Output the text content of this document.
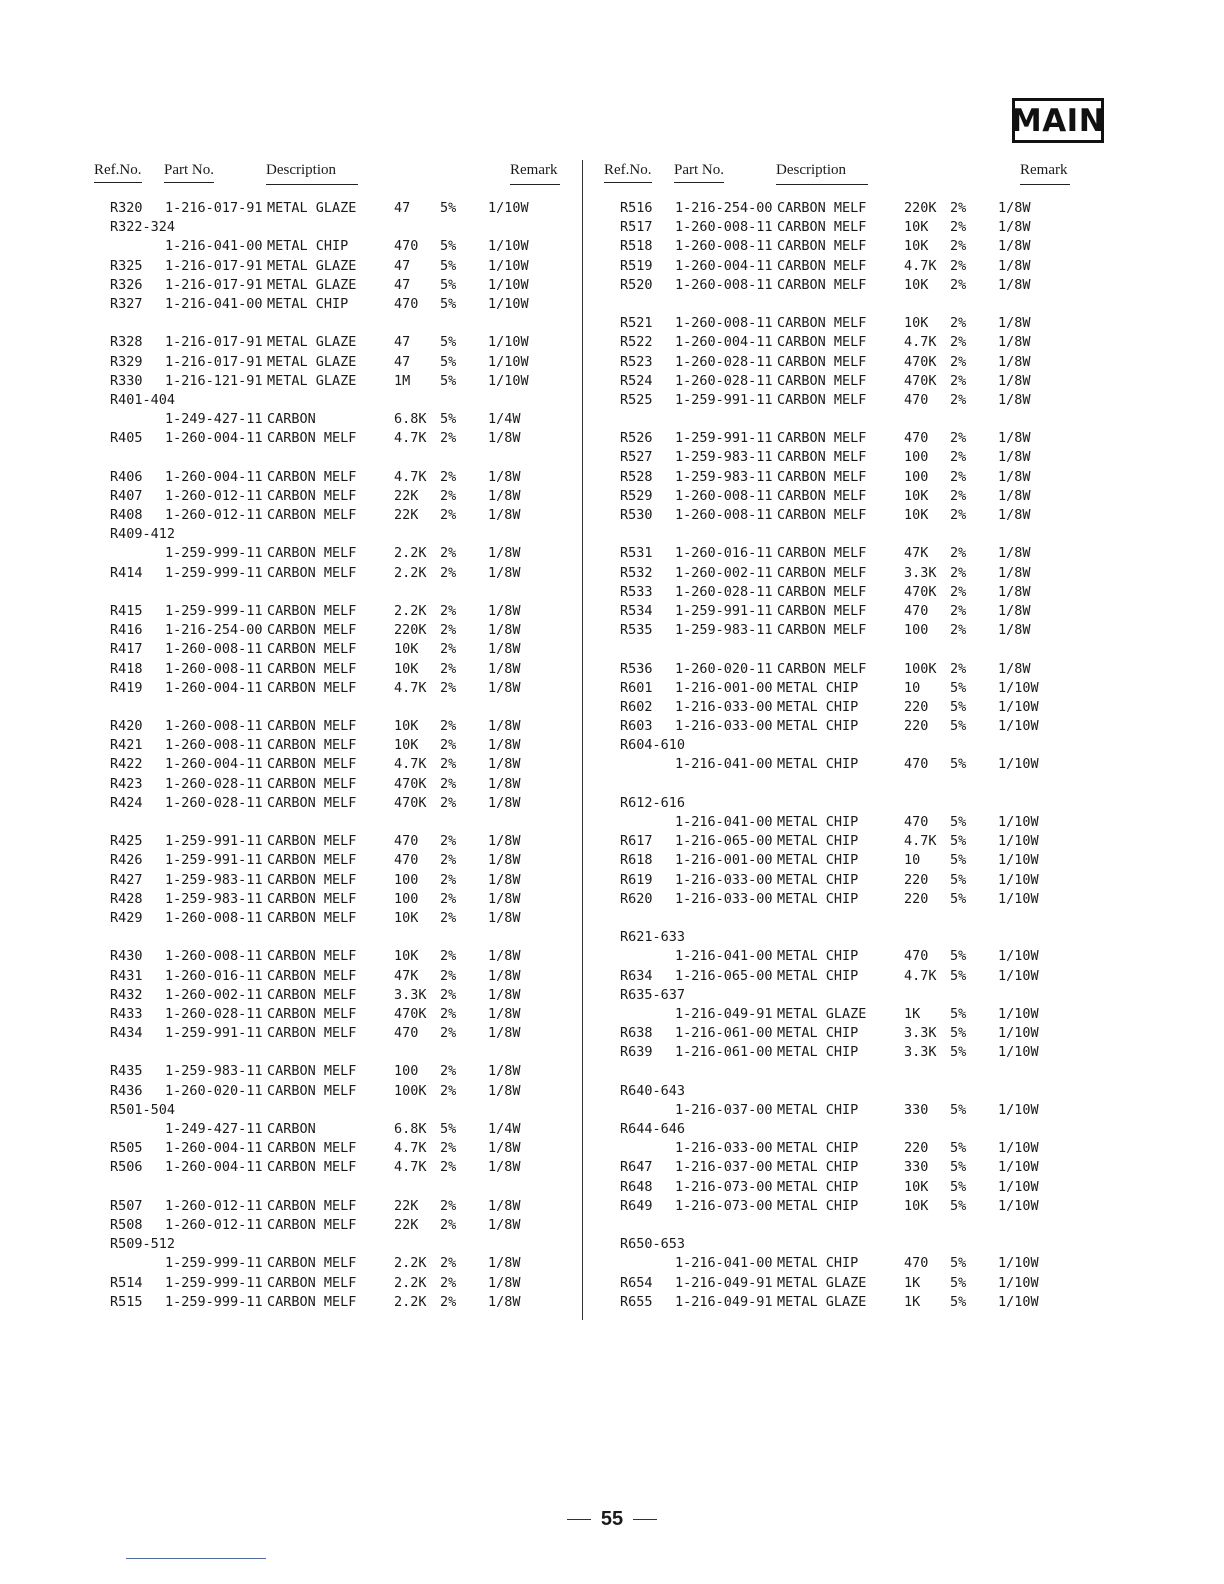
MAIN
Ref.No. Part No.	Description	Remark
R320 1-216-017-91 METAL GLAZE	47 5% 1/10W
R322-324
1-216-041-00 METAL CHIP	470 5% 1/10W
R325 1-216-017-91 METAL GLAZE	47 5% 1/10W
R326 1-216-017-91 METAL GLAZE	47 5% 1/10W
R327 1-216-041-00 METAL CHIP	470 5% 1/10W
R328 1-216-017-91 METAL GLAZE	47 5% 1/10W
R329 1-216-017-91 METAL GLAZE	47 5% 1/10W
R330 1-216-121-91 METAL GLAZE	1M 5% 1/10W
R401-404
1-249-427-11 CARBON	6.8K 5% 1/4W
R405 1-260-004-11 CARBON MELF	4.7K 2% 1/8W
R406 1-260-004-11 CARBON MELF	4.7K 2% 1/8W
R407 1-260-012-11 CARBON MELF	22K 2% 1/8W
R408 1-260-012-11 CARBON MELF	22K 2% 1/8W
R409-412
1-259-999-11 CARBON MELF	2.2K 2% 1/8W
R414 1-259-999-11 CARBON MELF	2.2K 2% 1/8W
R415 1-259-999-11 CARBON MELF	2.2K 2% 1/8W
R416 1-216-254-00 CARBON MELF	220K 2% 1/8W
R417 1-260-008-11 CARBON MELF	10K 2% 1/8W
R418 1-260-008-11 CARBON MELF	10K 2% 1/8W
R419 1-260-004-11 CARBON MELF	4.7K 2% 1/8W
R420 1-260-008-11 CARBON MELF	10K 2% 1/8W
R421 1-260-008-11 CARBON MELF	10K 2% 1/8W
R422 1-260-004-11 CARBON MELF	4.7K 2% 1/8W
R423 1-260-028-11 CARBON MELF	470K 2% 1/8W
R424 1-260-028-11 CARBON MELF	470K 2% 1/8W
R425 1-259-991-11 CARBON MELF	470 2% 1/8W
R426 1-259-991-11 CARBON MELF	470 2% 1/8W
R427 1-259-983-11 CARBON MELF	100 2% 1/8W
R428 1-259-983-11 CARBON MELF	100 2% 1/8W
R429 1-260-008-11 CARBON MELF	10K 2% 1/8W
R430 1-260-008-11 CARBON MELF	10K 2% 1/8W
R431 1-260-016-11 CARBON MELF	47K 2% 1/8W
R432 1-260-002-11 CARBON MELF	3.3K 2% 1/8W
R433 1-260-028-11 CARBON MELF	470K 2% 1/8W
R434 1-259-991-11 CARBON MELF	470 2% 1/8W
R435 1-259-983-11 CARBON MELF	100 2% 1/8W
R436 1-260-020-11 CARBON MELF	100K 2% 1/8W
R501-504
1-249-427-11 CARBON	6.8K 5% 1/4W
R505 1-260-004-11 CARBON MELF	4.7K 2% 1/8W
R506 1-260-004-11 CARBON MELF	4.7K 2% 1/8W
R507 1-260-012-11 CARBON MELF	22K 2% 1/8W
R508 1-260-012-11 CARBON MELF	22K 2% 1/8W
R509-512
1-259-999-11 CARBON MELF	2.2K 2% 1/8W
R514 1-259-999-11 CARBON MELF	2.2K 2% 1/8W
R515 1-259-999-11 CARBON MELF	2.2K 2% 1/8W
Ref.No. Part No.	Description	Remark
R516 1-216-254-00 CARBON MELF	220K 2% 1/8W
R517 1-260-008-11 CARBON MELF	10K 2% 1/8W
R518 1-260-008-11 CARBON MELF	10K 2% 1/8W
R519 1-260-004-11 CARBON MELF	4.7K 2% 1/8W
R520 1-260-008-11 CARBON MELF	10K 2% 1/8W
R521 1-260-008-11 CARBON MELF	10K 2% 1/8W
R522 1-260-004-11 CARBON MELF	4.7K 2% 1/8W
R523 1-260-028-11 CARBON MELF	470K 2% 1/8W
R524 1-260-028-11 CARBON MELF	470K 2% 1/8W
R525 1-259-991-11 CARBON MELF	470 2% 1/8W
R526 1-259-991-11 CARBON MELF	470 2% 1/8W
R527 1-259-983-11 CARBON MELF	100 2% 1/8W
R528 1-259-983-11 CARBON MELF	100 2% 1/8W
R529 1-260-008-11 CARBON MELF	10K 2% 1/8W
R530 1-260-008-11 CARBON MELF	10K 2% 1/8W
R531 1-260-016-11 CARBON MELF	47K 2% 1/8W
R532 1-260-002-11 CARBON MELF	3.3K 2% 1/8W
R533 1-260-028-11 CARBON MELF	470K 2% 1/8W
R534 1-259-991-11 CARBON MELF	470 2% 1/8W
R535 1-259-983-11 CARBON MELF	100 2% 1/8W
R536 1-260-020-11 CARBON MELF	100K 2% 1/8W
R601 1-216-001-00 METAL CHIP	10 5% 1/10W
R602 1-216-033-00 METAL CHIP	220 5% 1/10W
R603 1-216-033-00 METAL CHIP	220 5% 1/10W
R604-610
1-216-041-00 METAL CHIP	470 5% 1/10W
R612-616
1-216-041-00 METAL CHIP	470 5% 1/10W
R617 1-216-065-00 METAL CHIP	4.7K 5% 1/10W
R618 1-216-001-00 METAL CHIP	10 5% 1/10W
R619 1-216-033-00 METAL CHIP	220 5% 1/10W
R620 1-216-033-00 METAL CHIP	220 5% 1/10W
R621-633
1-216-041-00 METAL CHIP	470 5% 1/10W
R634 1-216-065-00 METAL CHIP	4.7K 5% 1/10W
R635-637
1-216-049-91 METAL GLAZE	1K 5% 1/10W
R638 1-216-061-00 METAL CHIP	3.3K 5% 1/10W
R639 1-216-061-00 METAL CHIP	3.3K 5% 1/10W
R640-643
1-216-037-00 METAL CHIP	330 5% 1/10W
R644-646
1-216-033-00 METAL CHIP	220 5% 1/10W
R647 1-216-037-00 METAL CHIP	330 5% 1/10W
R648 1-216-073-00 METAL CHIP	10K 5% 1/10W
R649 1-216-073-00 METAL CHIP	10K 5% 1/10W
R650-653
1-216-041-00 METAL CHIP	470 5% 1/10W
R654 1-216-049-91 METAL GLAZE	1K 5% 1/10W
R655 1-216-049-91 METAL GLAZE	1K 5% 1/10W
55
